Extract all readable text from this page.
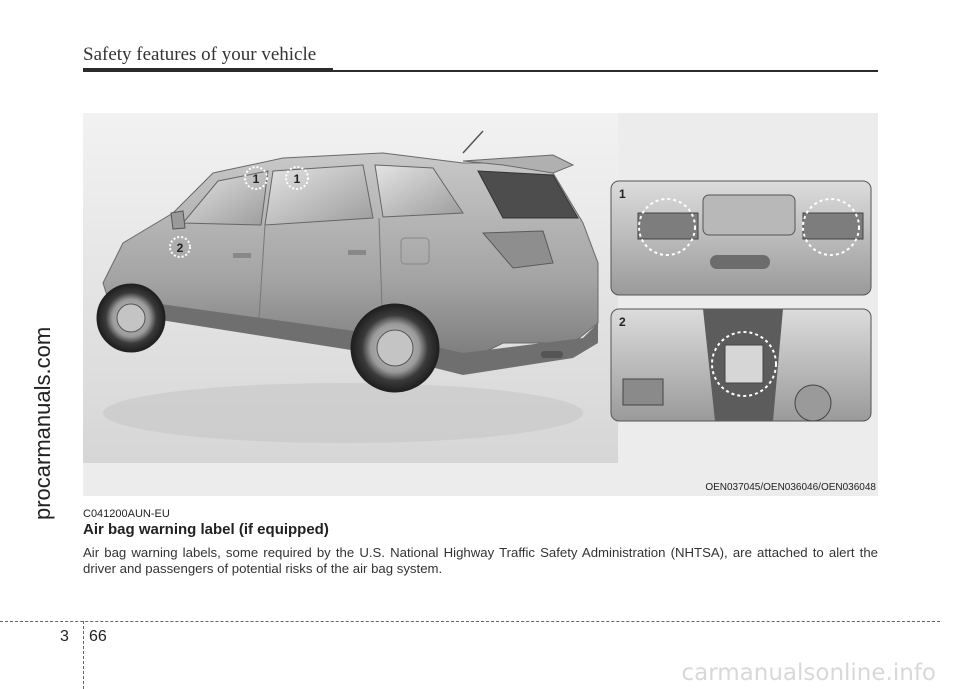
Safety features of your vehicle
procarmanuals.com
1	1
2
1
2
OEN037045/OEN036046/OEN036048
C041200AUN-EU
Air bag warning label (if equipped)
Air bag warning labels, some required by the U.S. National Highway Traffic Safety Administration (NHTSA), are attached to alert the driver and passengers of potential risks of the air bag system.
3 66
carmanualsonline.info
